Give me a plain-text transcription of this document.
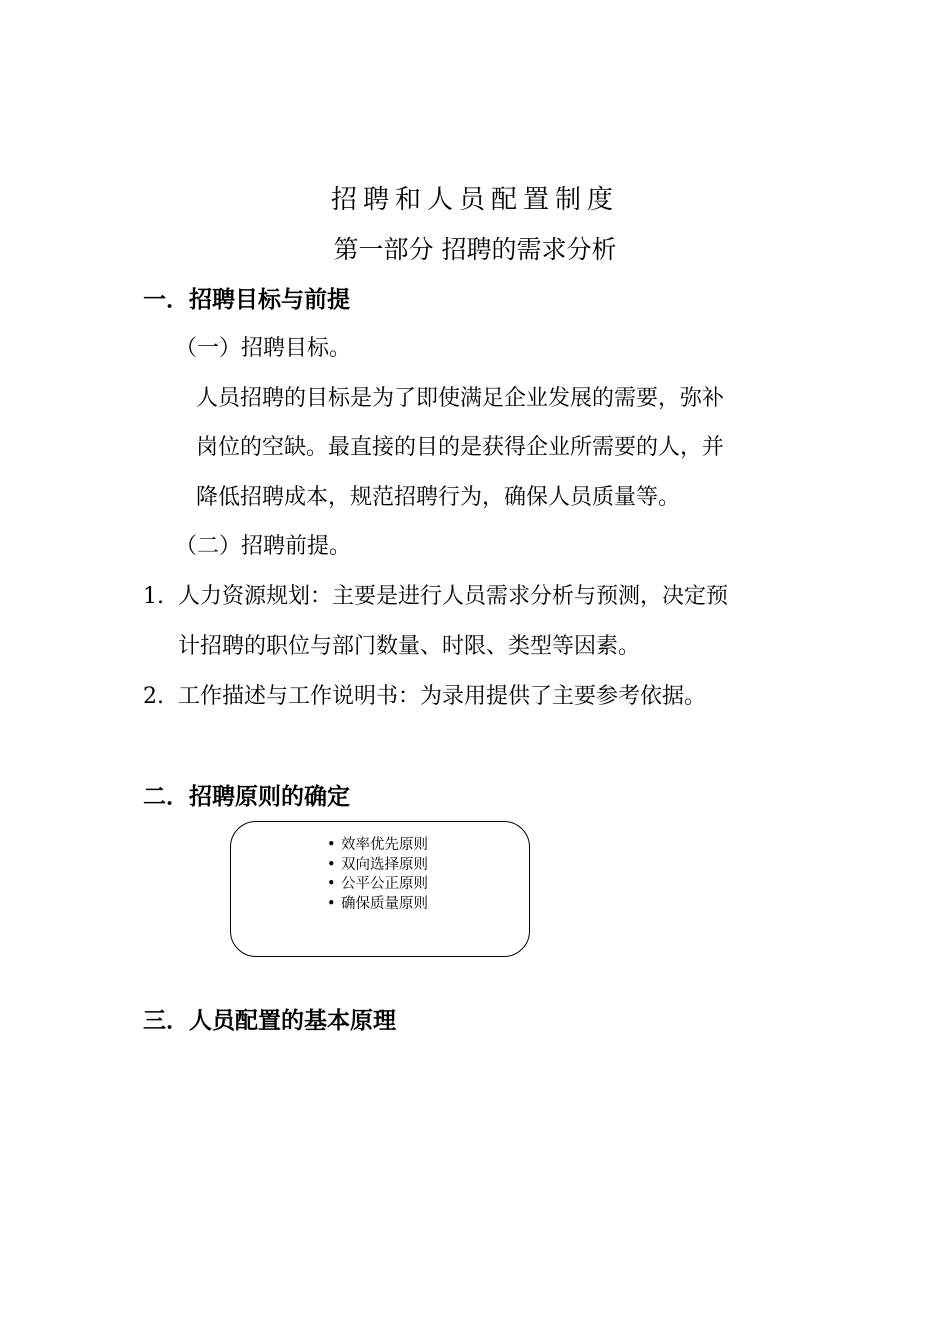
招聘和人员配置制度
第一部分 招聘的需求分析
一．招聘目标与前提
（一）招聘目标。
人员招聘的目标是为了即使满足企业发展的需要，弥补
岗位的空缺。最直接的目的是获得企业所需要的人，并
降低招聘成本，规范招聘行为，确保人员质量等。
（二）招聘前提。
1. 人力资源规划：主要是进行人员需求分析与预测，决定预
计招聘的职位与部门数量、时限、类型等因素。
2. 工作描述与工作说明书：为录用提供了主要参考依据。
二．招聘原则的确定
• 效率优先原则
• 双向选择原则
• 公平公正原则
• 确保质量原则
三．人员配置的基本原理
